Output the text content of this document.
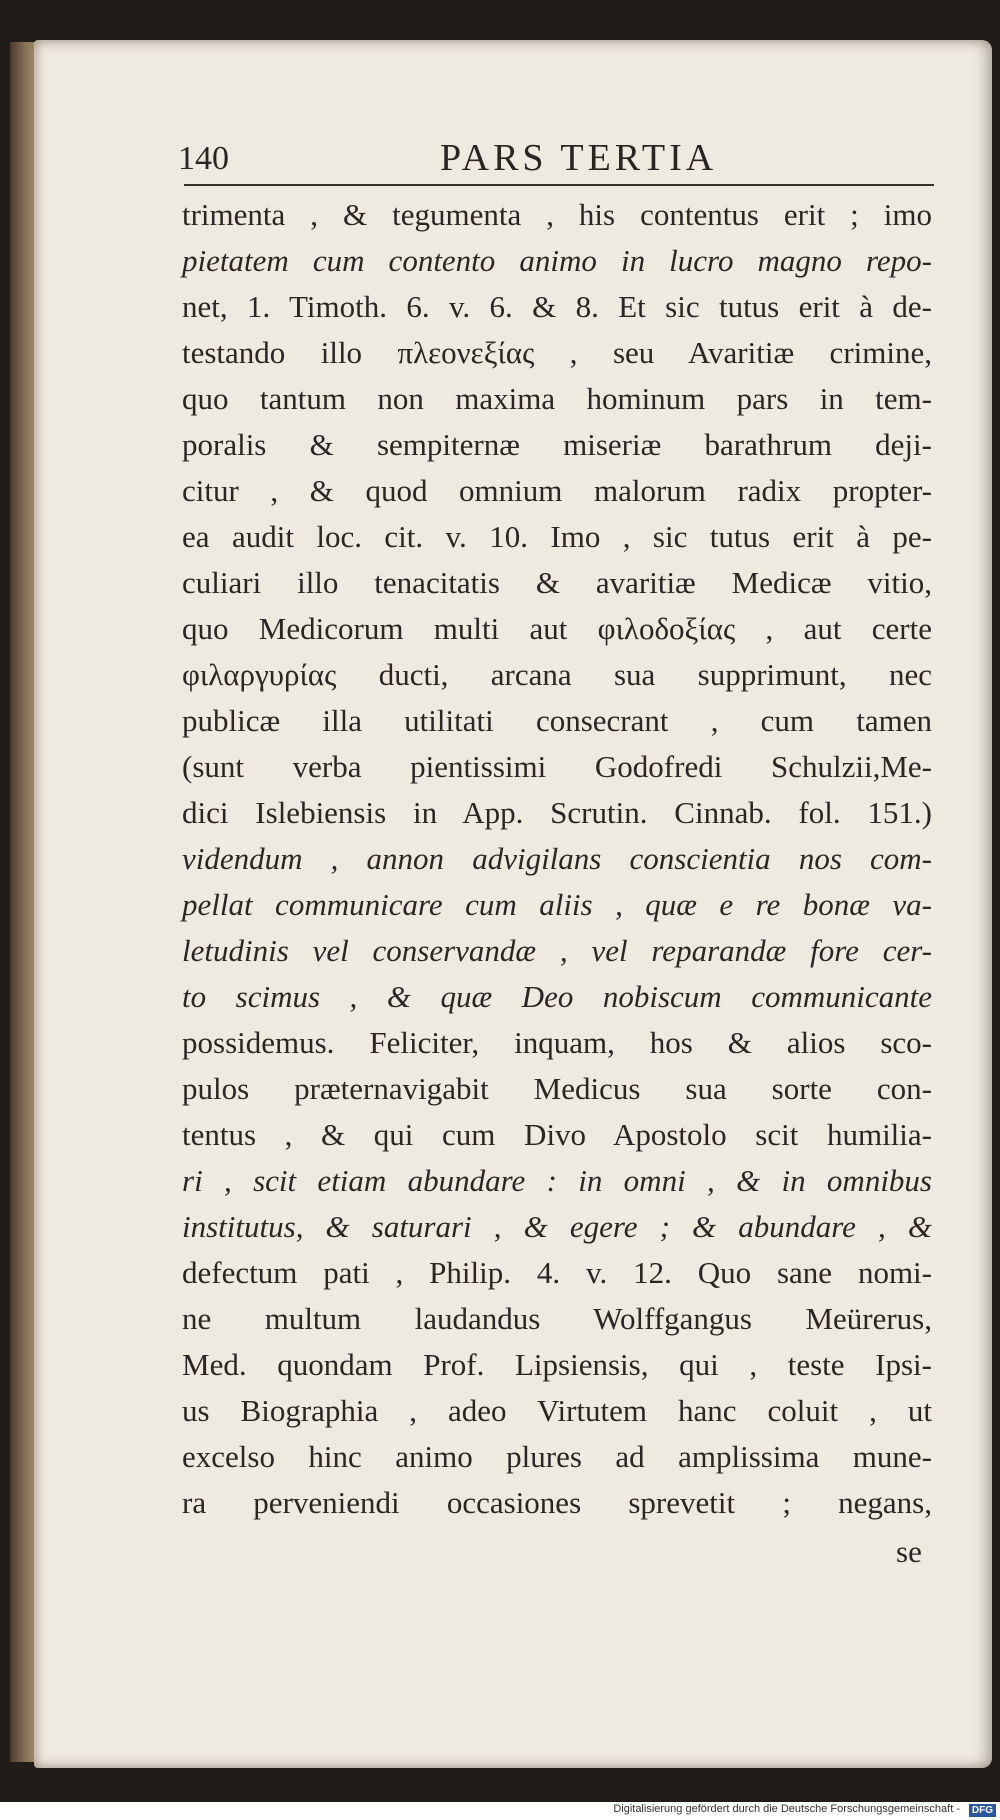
140	PARS TERTIA
trimenta , & tegumenta , his contentus erit ; imo
pietatem cum contento animo in lucro magno repo-
net, 1. Timoth. 6. v. 6. & 8. Et sic tutus erit à de-
testando illo πλεονεξίας , seu Avaritiæ crimine,
quo tantum non maxima hominum pars in tem-
poralis & sempiternæ miseriæ barathrum deji-
citur , & quod omnium malorum radix propter-
ea audit loc. cit. v. 10. Imo , sic tutus erit à pe-
culiari illo tenacitatis & avaritiæ Medicæ vitio,
quo Medicorum multi aut φιλοδοξίας , aut certe
φιλαργυρίας ducti, arcana sua supprimunt, nec
publicæ illa utilitati consecrant , cum tamen
(sunt verba pientissimi Godofredi Schulzii,Me-
dici Islebiensis in App. Scrutin. Cinnab. fol. 151.)
videndum , annon advigilans conscientia nos com-
pellat communicare cum aliis , quæ e re bonæ va-
letudinis vel conservandæ , vel reparandæ fore cer-
to scimus , & quæ Deo nobiscum communicante
possidemus. Feliciter, inquam, hos & alios sco-
pulos præternavigabit Medicus sua sorte con-
tentus , & qui cum Divo Apostolo scit humilia-
ri , scit etiam abundare : in omni , & in omnibus
institutus, & saturari , & egere ; & abundare , &
defectum pati , Philip. 4. v. 12. Quo sane nomi-
ne multum laudandus Wolffgangus Meürerus,
Med. quondam Prof. Lipsiensis, qui , teste Ipsi-
us Biographia , adeo Virtutem hanc coluit , ut
excelso hinc animo plures ad amplissima mune-
ra perveniendi occasiones sprevetit ; negans,
se
Digitalisierung gefördert durch die Deutsche Forschungsgemeinschaft -	DFG
